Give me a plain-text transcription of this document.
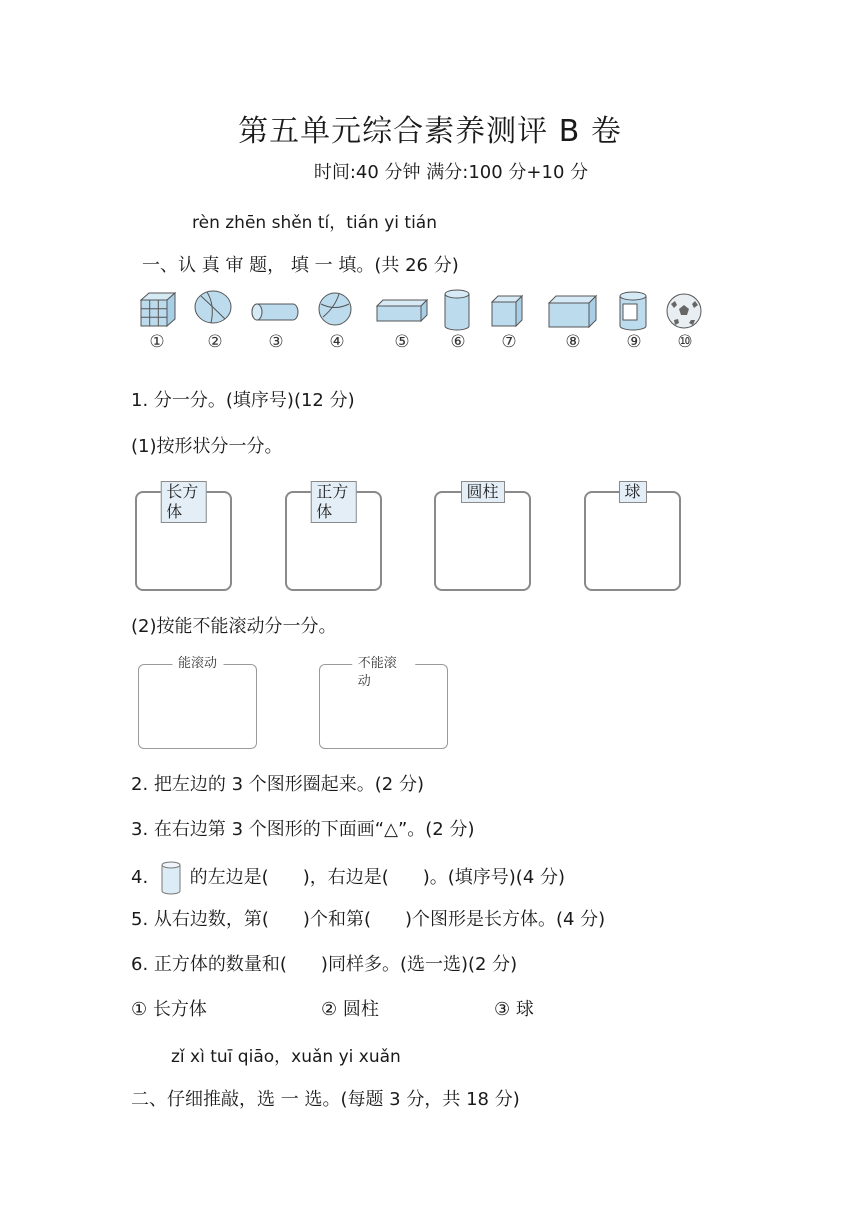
第五单元综合素养测评 B 卷
时间:40 分钟 满分:100 分+10 分
rèn zhēn shěn tí，tián yi tián
一、认 真 审 题， 填 一 填。(共 26 分)
①	②	③	④	⑤ ⑥ ⑦	⑧	⑨ ⑩
1. 分一分。(填序号)(12 分)
(1)按形状分一分。
长方体
正方体
圆柱	球
(2)按能不能滚动分一分。
能滚动	不能滚动
2. 把左边的 3 个图形圈起来。(2 分)
3. 在右边第 3 个图形的下面画“△”。(2 分)
4. 的左边是( )，右边是( )。(填序号)(4 分)
5. 从右边数，第( )个和第( )个图形是长方体。(4 分)
6. 正方体的数量和( )同样多。(选一选)(2 分)
① 长方体	② 圆柱	③ 球
zǐ xì tuī qiāo，xuǎn yi xuǎn
二、仔细推敲，选 一 选。(每题 3 分，共 18 分)
